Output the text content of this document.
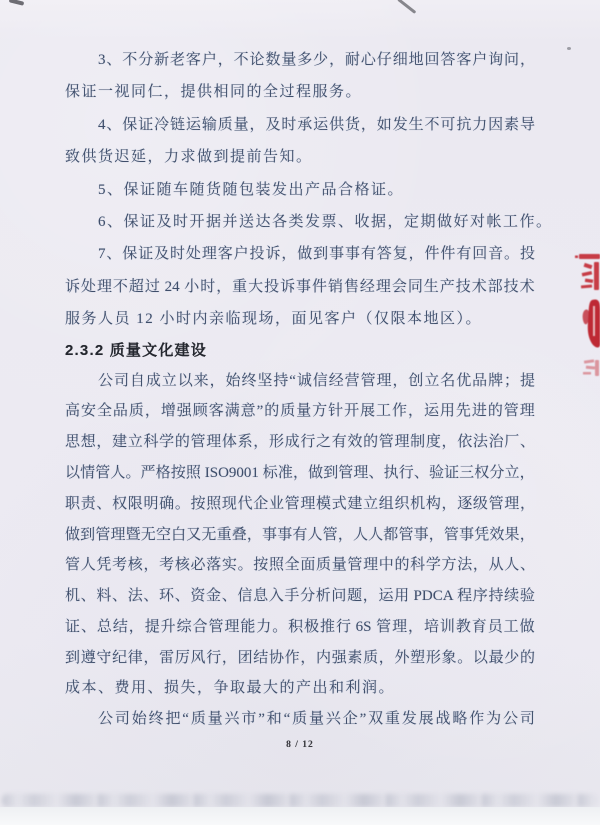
3 、 不 分 新 老 客 户 ， 不 论 数 量 多 少 ， 耐 心 仔 细 地 回 答 客 户 询 问 ，
保证一视同仁，提供相同的全过程服务。
4 、 保 证 冷 链 运 输 质 量 ， 及 时 承 运 供 货 ， 如 发 生 不 可 抗 力 因 素 导
致供货迟延，力求做到提前告知。
5、保证随车随货随包装发出产品合格证。
6、保证及时开据并送达各类发票、收据，定期做好对帐工作。
7 、 保 证 及 时 处 理 客 户 投 诉 ， 做 到 事 事 有 答 复 ， 件 件 有 回 音 。 投
诉 处 理 不 超 过 24 小 时 ， 重 大 投 诉 事 件 销 售 经 理 会 同 生 产 技 术 部 技 术
服务人员 12 小时内亲临现场，面见客户（仅限本地区）。
2.3.2 质量文化建设
公 司 自 成 立 以 来 ， 始 终 坚 持 “ 诚 信 经 营 管 理 ， 创 立 名 优 品 牌 ； 提
高 安 全 品 质 ， 增 强 顾 客 满 意 ” 的 质 量 方 针 开 展 工 作 ， 运 用 先 进 的 管 理
思 想 ， 建 立 科 学 的 管 理 体 系 ， 形 成 行 之 有 效 的 管 理 制 度 ， 依 法 治 厂 、
以 情 管 人 。 严 格 按 照 ISO9001 标 准 ， 做 到 管 理 、 执 行 、 验 证 三 权 分 立 ，
职 责 、 权 限 明 确 。 按 照 现 代 企 业 管 理 模 式 建 立 组 织 机 构 ， 逐 级 管 理 ，
做 到 管 理 暨 无 空 白 又 无 重 叠 ， 事 事 有 人 管 ， 人 人 都 管 事 ， 管 事 凭 效 果 ，
管 人 凭 考 核 ， 考 核 必 落 实 。 按 照 全 面 质 量 管 理 中 的 科 学 方 法 ， 从 人 、
机 、 料 、 法 、 环 、 资 金 、 信 息 入 手 分 析 问 题 ， 运 用 PDCA 程 序 持 续 验
证 、 总 结 ， 提 升 综 合 管 理 能 力 。 积 极 推 行 6S 管 理 ， 培 训 教 育 员 工 做
到 遵 守 纪 律 ， 雷 厉 风 行 ， 团 结 协 作 ， 内 强 素 质 ， 外 塑 形 象 。 以 最 少 的
成本、费用、损失，争取最大的产出和利润。
公 司 始 终 把 “ 质 量 兴 市 ” 和 “ 质 量 兴 企 ” 双 重 发 展 战 略 作 为 公 司
8 / 12
